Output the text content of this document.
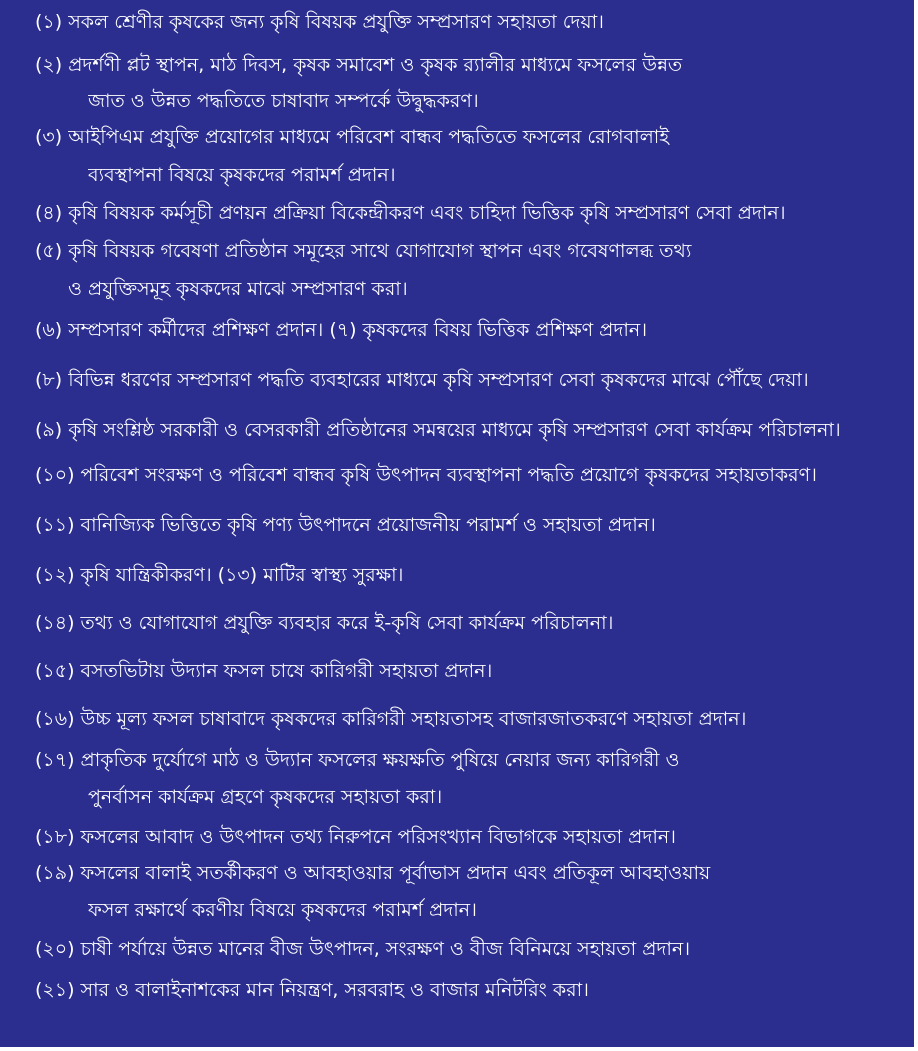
(১) সকল শ্রেণীর কৃষকের জন্য কৃষি বিষয়ক প্রযুক্তি সম্প্রসারণ সহায়তা দেয়া।
(২) প্রদর্শণী প্লট স্থাপন, মাঠ দিবস, কৃষক সমাবেশ ও কৃষক র‍্যালীর মাধ্যমে ফসলের উন্নত
জাত ও উন্নত পদ্ধতিতে চাষাবাদ সম্পর্কে উদ্বুদ্ধকরণ।
(৩) আইপিএম প্রযুক্তি প্রয়োগের মাধ্যমে পরিবেশ বান্ধব পদ্ধতিতে ফসলের রোগবালাই
ব্যবস্থাপনা বিষয়ে কৃষকদের পরামর্শ প্রদান।
(৪) কৃষি বিষয়ক কর্মসূচী প্রণয়ন প্রক্রিয়া বিকেন্দ্রীকরণ এবং চাহিদা ভিত্তিক কৃষি সম্প্রসারণ সেবা প্রদান।
(৫) কৃষি বিষয়ক গবেষণা প্রতিষ্ঠান সমূহের সাথে যোগাযোগ স্থাপন এবং গবেষণালব্ধ তথ্য
ও প্রযুক্তিসমূহ কৃষকদের মাঝে সম্প্রসারণ করা।
(৬) সম্প্রসারণ কর্মীদের প্রশিক্ষণ প্রদান। (৭) কৃষকদের বিষয় ভিত্তিক প্রশিক্ষণ প্রদান।
(৮) বিভিন্ন ধরণের সম্প্রসারণ পদ্ধতি ব্যবহারের মাধ্যমে কৃষি সম্প্রসারণ সেবা কৃষকদের মাঝে পৌঁছে দেয়া।
(৯) কৃষি সংশ্লিষ্ঠ সরকারী ও বেসরকারী প্রতিষ্ঠানের সমন্বয়ের মাধ্যমে কৃষি সম্প্রসারণ সেবা কার্যক্রম পরিচালনা।
(১০) পরিবেশ সংরক্ষণ ও পরিবেশ বান্ধব কৃষি উৎপাদন ব্যবস্থাপনা পদ্ধতি প্রয়োগে কৃষকদের সহায়তাকরণ।
(১১) বানিজ্যিক ভিত্তিতে কৃষি পণ্য উৎপাদনে প্রয়োজনীয় পরামর্শ ও সহায়তা প্রদান।
(১২) কৃষি যান্ত্রিকীকরণ। (১৩) মাটির স্বাস্থ্য সুরক্ষা।
(১৪) তথ্য ও যোগাযোগ প্রযুক্তি ব্যবহার করে ই-কৃষি সেবা কার্যক্রম পরিচালনা।
(১৫) বসতভিটায় উদ্যান ফসল চাষে কারিগরী সহায়তা প্রদান।
(১৬) উচ্চ মূল্য ফসল চাষাবাদে কৃষকদের কারিগরী সহায়তাসহ বাজারজাতকরণে সহায়তা প্রদান।
(১৭) প্রাকৃতিক দুর্যোগে মাঠ ও উদ্যান ফসলের ক্ষয়ক্ষতি পুষিয়ে নেয়ার জন্য কারিগরী ও
পুনর্বাসন কার্যক্রম গ্রহণে কৃষকদের সহায়তা করা।
(১৮) ফসলের আবাদ ও উৎপাদন তথ্য নিরুপনে পরিসংখ্যান বিভাগকে সহায়তা প্রদান।
(১৯) ফসলের বালাই সতর্কীকরণ ও আবহাওয়ার পূর্বাভাস প্রদান এবং প্রতিকূল আবহাওয়ায়
ফসল রক্ষার্থে করণীয় বিষয়ে কৃষকদের পরামর্শ প্রদান।
(২০) চাষী পর্যায়ে উন্নত মানের বীজ উৎপাদন, সংরক্ষণ ও বীজ বিনিময়ে সহায়তা প্রদান।
(২১) সার ও বালাইনাশকের মান নিয়ন্ত্রণ, সরবরাহ ও বাজার মনিটরিং করা।
